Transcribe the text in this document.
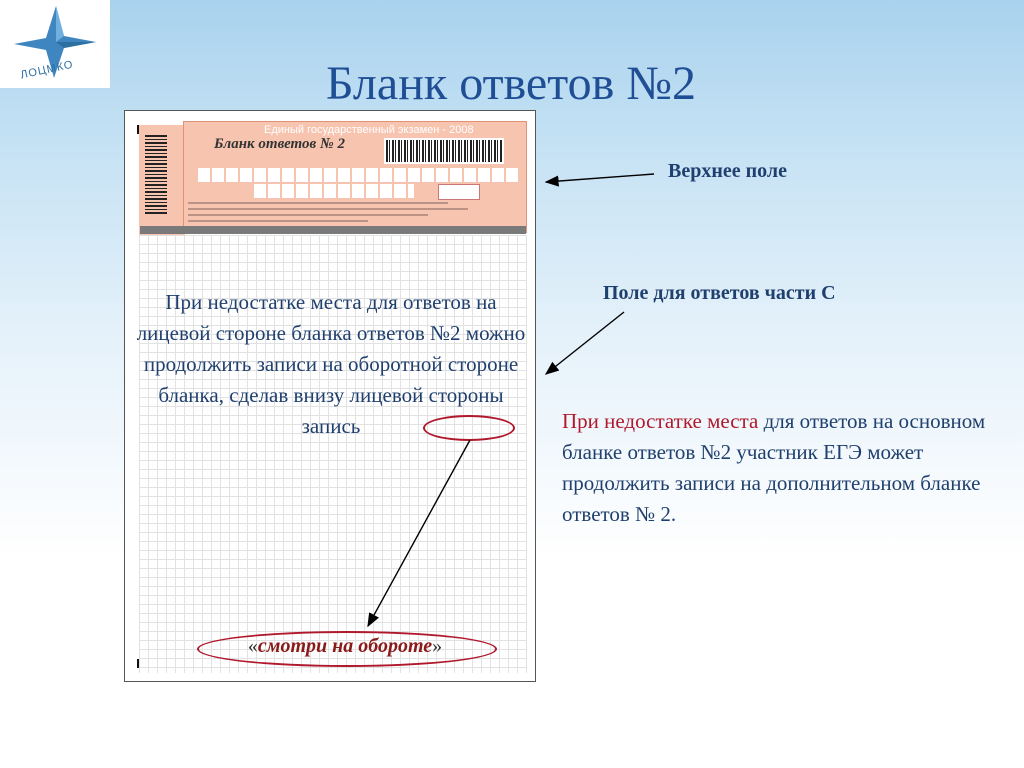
ЛОЦМКО	Бланк ответов №2
Единый государственный экзамен - 2008
Бланк ответов № 2
При недостатке места для ответов на лицевой стороне бланка ответов №2 можно продолжить записи на оборотной стороне бланка, сделав внизу лицевой стороны запись
«смотри на обороте»
Верхнее поле
Поле для ответов части С
При недостатке места для ответов на основном бланке ответов №2 участник ЕГЭ может продолжить записи на дополнительном бланке ответов № 2.
